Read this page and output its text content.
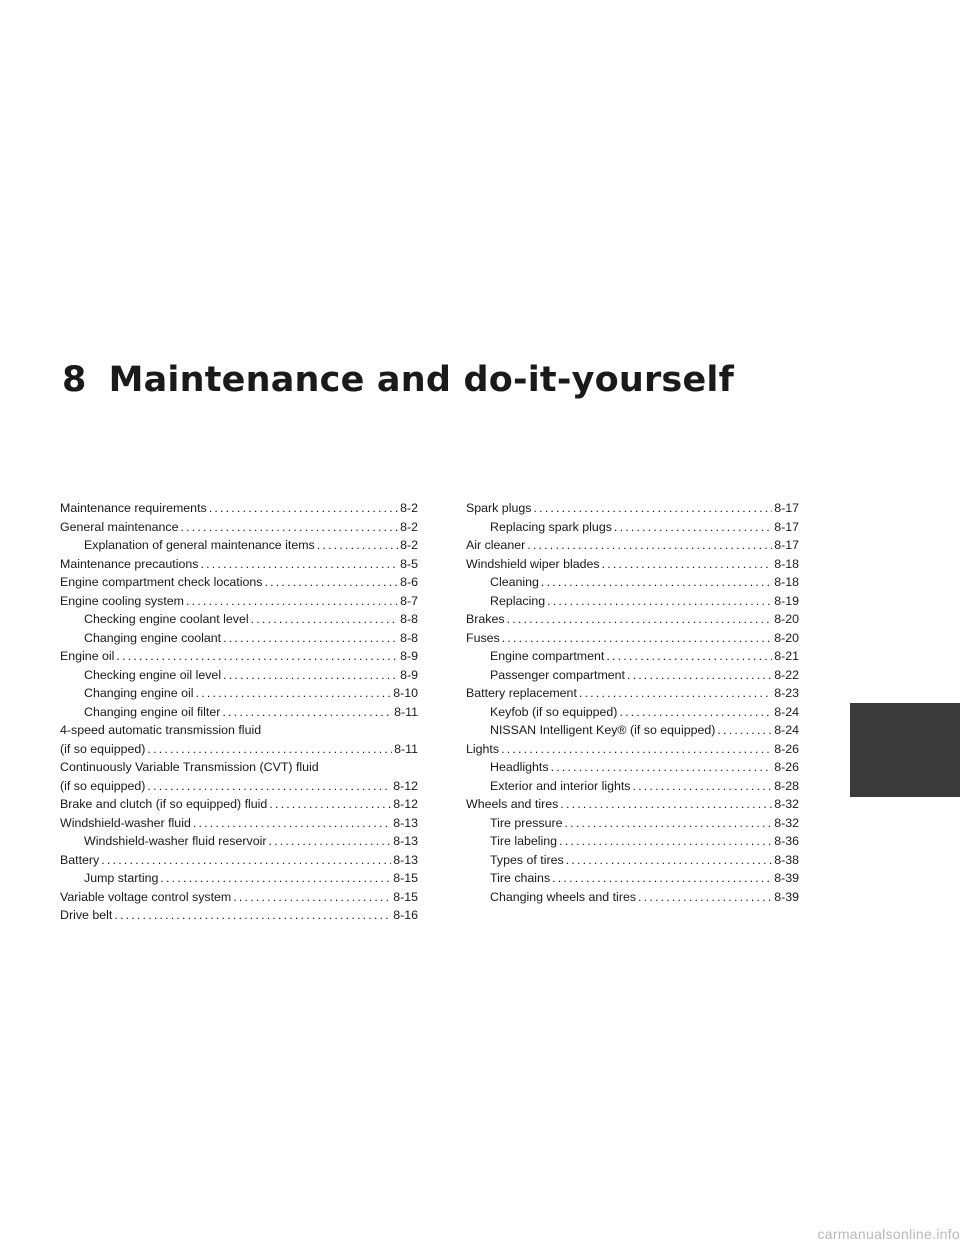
8 Maintenance and do-it-yourself
Maintenance requirements .....	8-2
General maintenance .....	8-2
Explanation of general maintenance items .....	8-2
Maintenance precautions .....	8-5
Engine compartment check locations .....	8-6
Engine cooling system .....	8-7
Checking engine coolant level .....	8-8
Changing engine coolant .....	8-8
Engine oil .....	8-9
Checking engine oil level .....	8-9
Changing engine oil .....	8-10
Changing engine oil filter .....	8-11
4-speed automatic transmission fluid
(if so equipped) .....	8-11
Continuously Variable Transmission (CVT) fluid
(if so equipped) .....	8-12
Brake and clutch (if so equipped) fluid .....	8-12
Windshield-washer fluid .....	8-13
Windshield-washer fluid reservoir .....	8-13
Battery .....	8-13
Jump starting .....	8-15
Variable voltage control system .....	8-15
Drive belt .....	8-16
Spark plugs .....	8-17
Replacing spark plugs .....	8-17
Air cleaner .....	8-17
Windshield wiper blades .....	8-18
Cleaning .....	8-18
Replacing .....	8-19
Brakes .....	8-20
Fuses .....	8-20
Engine compartment .....	8-21
Passenger compartment .....	8-22
Battery replacement .....	8-23
Keyfob (if so equipped) .....	8-24
NISSAN Intelligent Key® (if so equipped) .....	8-24
Lights .....	8-26
Headlights .....	8-26
Exterior and interior lights .....	8-28
Wheels and tires .....	8-32
Tire pressure .....	8-32
Tire labeling .....	8-36
Types of tires .....	8-38
Tire chains .....	8-39
Changing wheels and tires .....	8-39
carmanualsonline.info
